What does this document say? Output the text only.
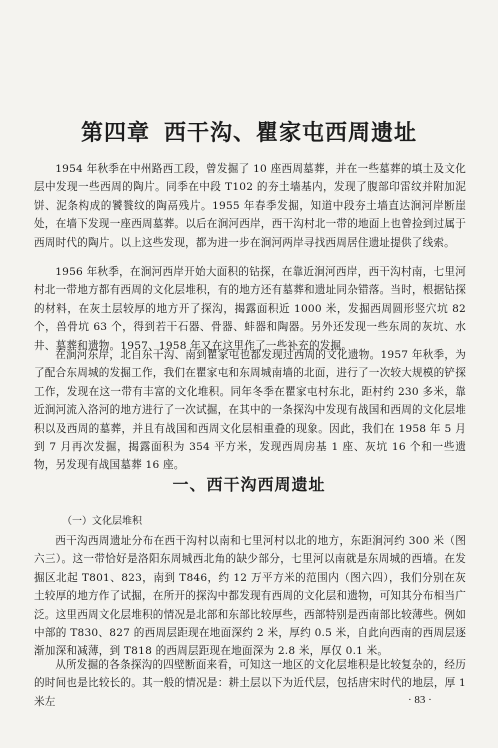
第四章 西干沟、瞿家屯西周遗址

1954 年秋季在中州路西工段，曾发掘了 10 座西周墓葬，并在一些墓葬的填土及文化层中发现一些西周的陶片。同季在中段 T102 的夯土墙基内，发现了腹部印雷纹并附加泥饼、泥条构成的饕餮纹的陶鬲残片。1955 年春季发掘，知道中段夯土墙直达涧河岸断崖处，在墙下发现一座西周墓葬。以后在涧河西岸，西干沟村北一带的地面上也曾捡到过属于西周时代的陶片。以上这些发现，都为进一步在涧河两岸寻找西周居住遗址提供了线索。

1956 年秋季，在涧河西岸开始大面积的钻探，在靠近涧河西岸，西干沟村南，七里河村北一带地方都有西周的文化层堆积，有的地方还有墓葬和遗址同杂错落。当时，根据钻探的材料，在灰土层较厚的地方开了探沟，揭露面积近 1000 米，发掘西周圆形竖穴坑 82 个，兽骨坑 63 个，得到若干石器、骨器、蚌器和陶器。另外还发现一些东周的灰坑、水井、墓葬和遗物。1957、1958 年又在这里作了一些补充的发掘。

在涧河东岸，北自东干沟、南到瞿家屯也都发现过西周的文化遗物。1957 年秋季，为了配合东周城的发掘工作，我们在瞿家屯和东周城南墙的北面，进行了一次较大规模的铲探工作，发现在这一带有丰富的文化堆积。同年冬季在瞿家屯村东北，距村约 230 多米，靠近涧河流入洛河的地方进行了一次试掘，在其中的一条探沟中发现有战国和西周的文化层堆积以及西周的墓葬，并且有战国和西周文化层相重叠的现象。因此，我们在 1958 年 5 月到 7 月再次发掘，揭露面积为 354 平方米，发现西周房基 1 座、灰坑 16 个和一些遗物，另发现有战国墓葬 16 座。

一、西干沟西周遗址
（一）文化层堆积

西干沟西周遗址分布在西干沟村以南和七里河村以北的地方，东距涧河约 300 米（图六三）。这一带恰好是洛阳东周城西北角的缺少部分，七里河以南就是东周城的西墙。在发掘区北起 T801、823，南到 T846，约 12 万平方米的范围内（图六四），我们分别在灰土较厚的地方作了试掘，在所开的探沟中都发现有西周的文化层和遗物，可知其分布相当广泛。这里西周文化层堆积的情况是北部和东部比较厚些，西部特别是西南部比较薄些。例如中部的 T830、827 的西周层距现在地面深约 2 米，厚约 0.5 米，自此向西南的西周层逐渐加深和减薄，到 T818 的西周层距现在地面深为 2.8 米，厚仅 0.1 米。

从所发掘的各条探沟的四壁断面来看，可知这一地区的文化层堆积是比较复杂的，经历的时间也是比较长的。其一般的情况是：耕土层以下为近代层，包括唐宋时代的地层，厚 1 米左	· 83 ·
